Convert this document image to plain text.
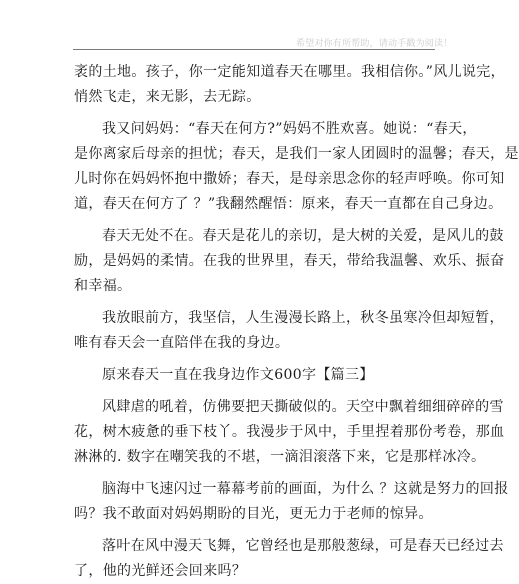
希望对你有所帮助，请动手戳为阅读！
袤的土地。孩子，你一定能知道春天在哪里。我相信你。”风儿说完，
悄然飞走，来无影，去无踪。
我又问妈妈：“春天在何方?”妈妈不胜欢喜。她说：“春天，
是你离家后母亲的担忧；春天，是我们一家人团圆时的温馨；春天，是
儿时你在妈妈怀抱中撒娇；春天，是母亲思念你的轻声呼唤。你可知
道，春天在何方了 ？”我翻然醒悟：原来，春天一直都在自己身边。
春天无处不在。春天是花儿的亲切，是大树的关爱，是风儿的鼓
励，是妈妈的柔情。在我的世界里，春天，带给我温馨、欢乐、振奋
和幸福。
我放眼前方，我坚信，人生漫漫长路上，秋冬虽寒冷但却短暂，
唯有春天会一直陪伴在我的身边。
原来春天一直在我身边作文600字【篇三】
风肆虐的吼着，仿佛要把天撕破似的。天空中飘着细细碎碎的雪
花，树木疲惫的垂下枝丫。我漫步于风中，手里捏着那份考卷，那血
淋淋的. 数字在嘲笑我的不堪，一滴泪滚落下来，它是那样冰冷。
脑海中飞速闪过一幕幕考前的画面，为什么 ？这就是努力的回报
吗？我不敢面对妈妈期盼的目光，更无力于老师的惊异。
落叶在风中漫天飞舞，它曾经也是那般葱绿，可是春天已经过去
了，他的光鲜还会回来吗？
